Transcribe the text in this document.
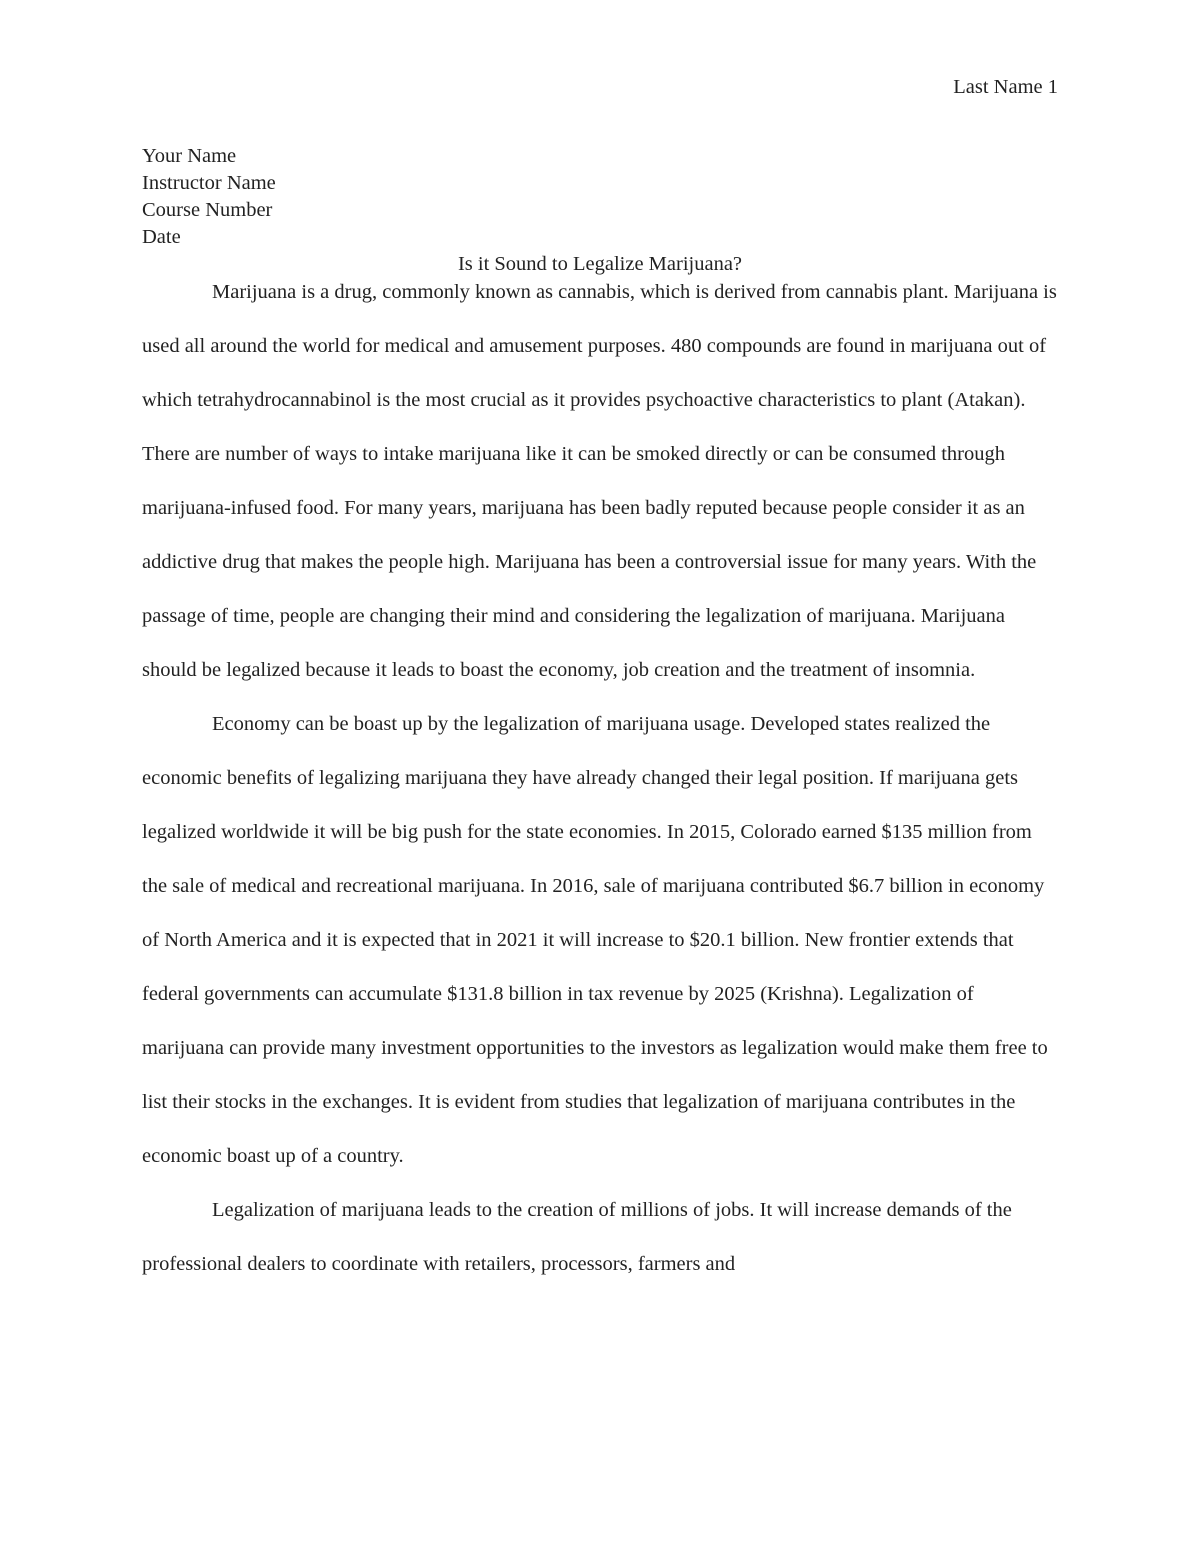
Last Name 1
Your Name
Instructor Name
Course Number
Date
Is it Sound to Legalize Marijuana?

Marijuana is a drug, commonly known as cannabis, which is derived from cannabis plant. Marijuana is used all around the world for medical and amusement purposes. 480 compounds are found in marijuana out of which tetrahydrocannabinol is the most crucial as it provides psychoactive characteristics to plant (Atakan). There are number of ways to intake marijuana like it can be smoked directly or can be consumed through marijuana-infused food. For many years, marijuana has been badly reputed because people consider it as an addictive drug that makes the people high. Marijuana has been a controversial issue for many years. With the passage of time, people are changing their mind and considering the legalization of marijuana. Marijuana should be legalized because it leads to boast the economy, job creation and the treatment of insomnia.

Economy can be boast up by the legalization of marijuana usage. Developed states realized the economic benefits of legalizing marijuana they have already changed their legal position. If marijuana gets legalized worldwide it will be big push for the state economies. In 2015, Colorado earned $135 million from the sale of medical and recreational marijuana. In 2016, sale of marijuana contributed $6.7 billion in economy of North America and it is expected that in 2021 it will increase to $20.1 billion. New frontier extends that federal governments can accumulate $131.8 billion in tax revenue by 2025 (Krishna). Legalization of marijuana can provide many investment opportunities to the investors as legalization would make them free to list their stocks in the exchanges. It is evident from studies that legalization of marijuana contributes in the economic boast up of a country.

Legalization of marijuana leads to the creation of millions of jobs. It will increase demands of the professional dealers to coordinate with retailers, processors, farmers and
